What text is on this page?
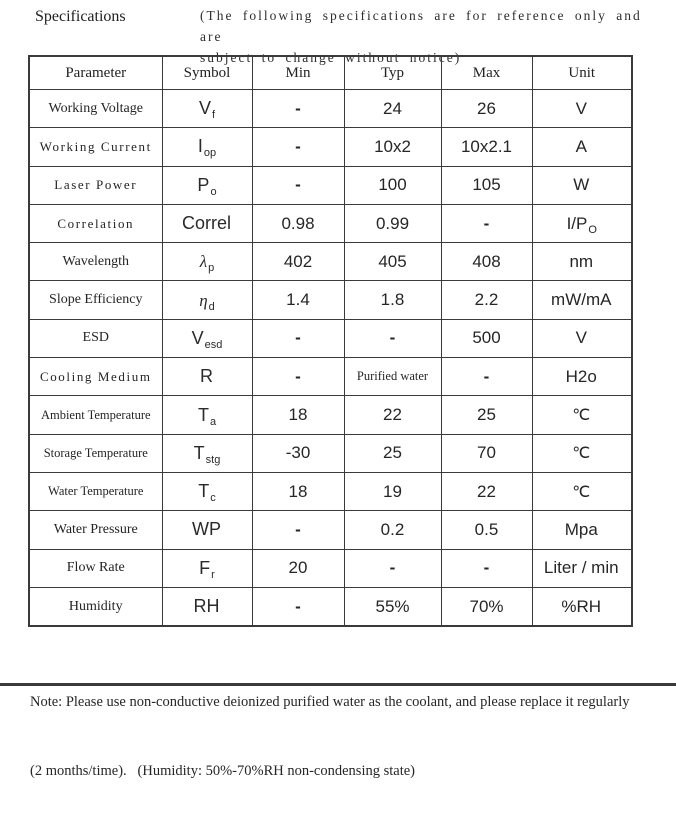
Specifications	(The following specifications are for reference only and are
subject to change without notice)
Parameter	Symbol	Min	Typ	Max	Unit
Working Voltage	$V_f$	-	24	26	V
Working Current	$I_{op}$	-	10x2	10x2.1	A
Laser Power	$P_o$	-	100	105	W
Correlation	Correl	0.98	0.99	-	$I/P_O$
Wavelength	$\lambda_p$	402	405	408	nm
Slope Efficiency	$\eta_d$	1.4	1.8	2.2	mW/mA
ESD	$V_{esd}$	-	-	500	V
Cooling Medium	R	-	Purified water	-	H2o
Ambient Temperature	$T_a$	18	22	25	℃
Storage Temperature	$T_{stg}$	-30	25	70	℃
Water Temperature	$T_c$	18	19	22	℃
Water Pressure	WP	-	0.2	0.5	Mpa
Flow Rate	$F_r$	20	-	-	Liter / min
Humidity	RH	-	55%	70%	%RH

Note: Please use non-conductive deionized purified water as the coolant, and please replace it regularly

(2 months/time).   (Humidity: 50%-70%RH non-condensing state)
